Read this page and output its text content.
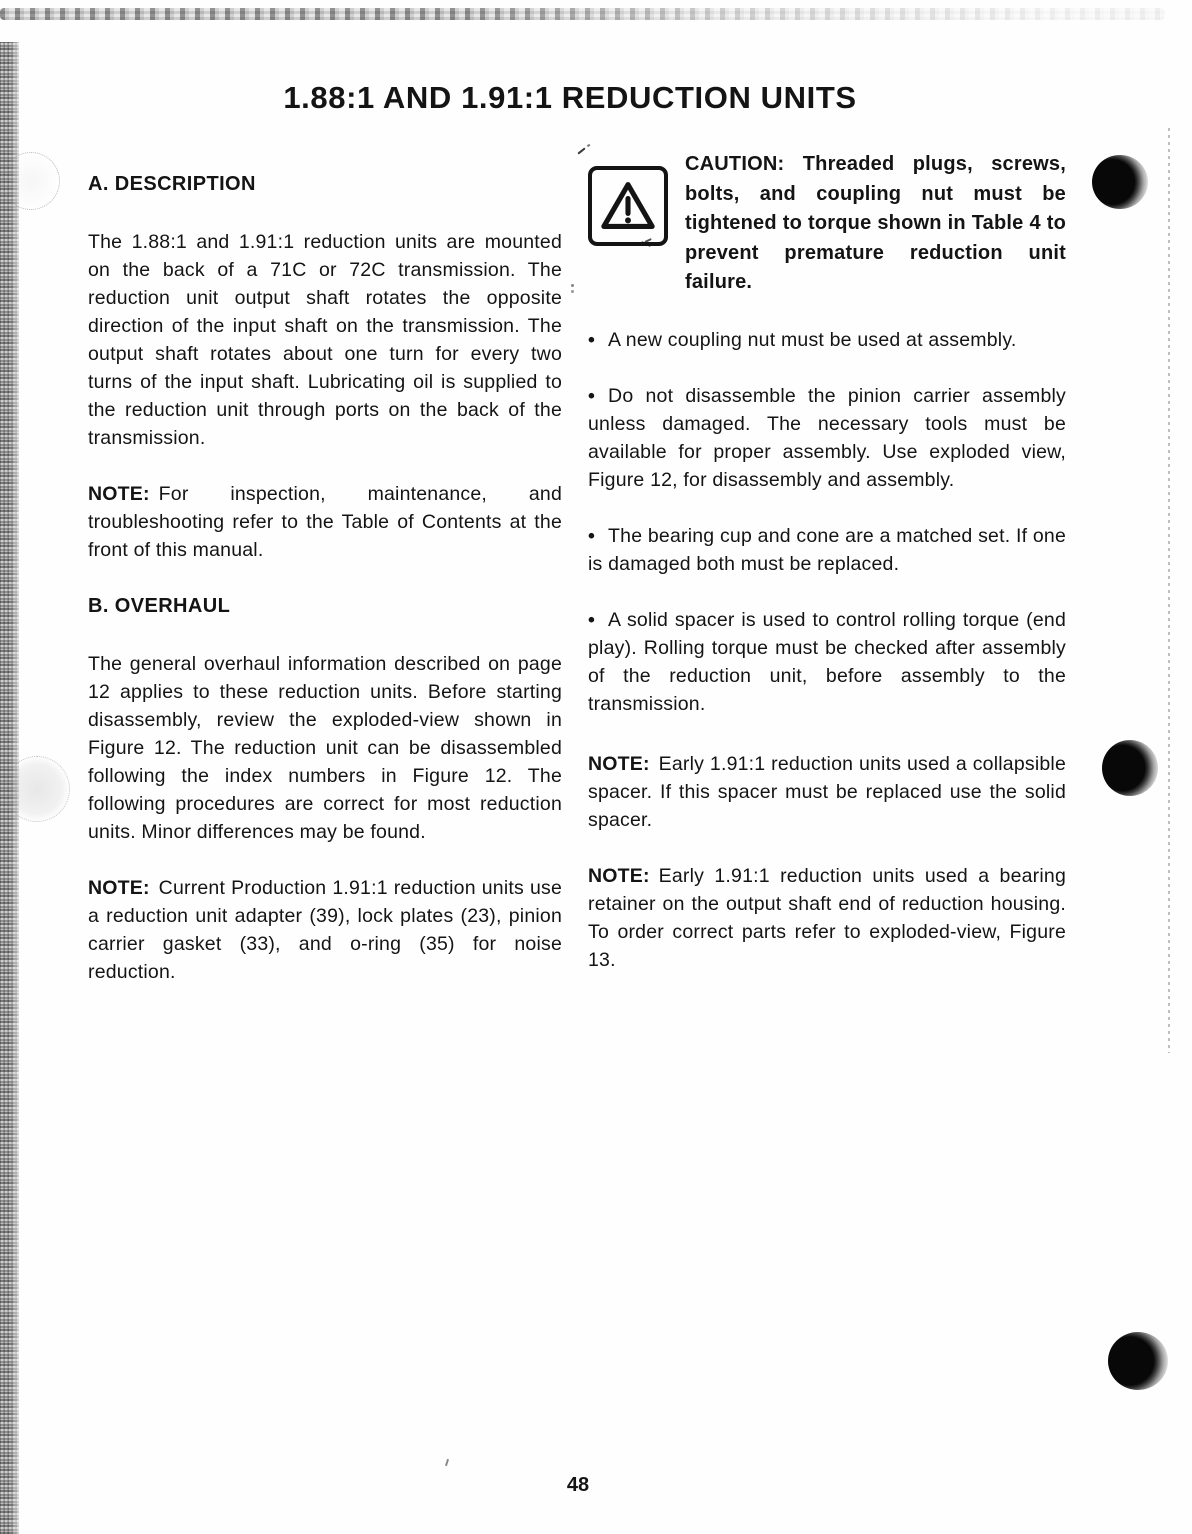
1.88:1 AND 1.91:1 REDUCTION UNITS
A. DESCRIPTION

The 1.88:1 and 1.91:1 reduction units are mounted on the back of a 71C or 72C transmission. The reduction unit output shaft rotates the opposite direction of the input shaft on the transmission. The output shaft rotates about one turn for every two turns of the input shaft. Lubricating oil is supplied to the reduction unit through ports on the back of the transmission.

NOTE: For inspection, maintenance, and troubleshooting refer to the Table of Contents at the front of this manual.

B. OVERHAUL

The general overhaul information described on page 12 applies to these reduction units. Before starting disassembly, review the exploded-view shown in Figure 12. The reduction unit can be disassembled following the index numbers in Figure 12. The following procedures are correct for most reduction units. Minor differences may be found.

NOTE: Current Production 1.91:1 reduction units use a reduction unit adapter (39), lock plates (23), pinion carrier gasket (33), and o-ring (35) for noise reduction.

CAUTION: Threaded plugs, screws, bolts, and coupling nut must be tightened to torque shown in Table 4 to prevent premature reduction unit failure.

• A new coupling nut must be used at assembly.

• Do not disassemble the pinion carrier assembly unless damaged. The necessary tools must be available for proper assembly. Use exploded view, Figure 12, for disassembly and assembly.

• The bearing cup and cone are a matched set. If one is damaged both must be replaced.

• A solid spacer is used to control rolling torque (end play). Rolling torque must be checked after assembly of the reduction unit, before assembly to the transmission.

NOTE: Early 1.91:1 reduction units used a collapsible spacer. If this spacer must be replaced use the solid spacer.

NOTE: Early 1.91:1 reduction units used a bearing retainer on the output shaft end of reduction housing. To order correct parts refer to exploded-view, Figure 13.

48
